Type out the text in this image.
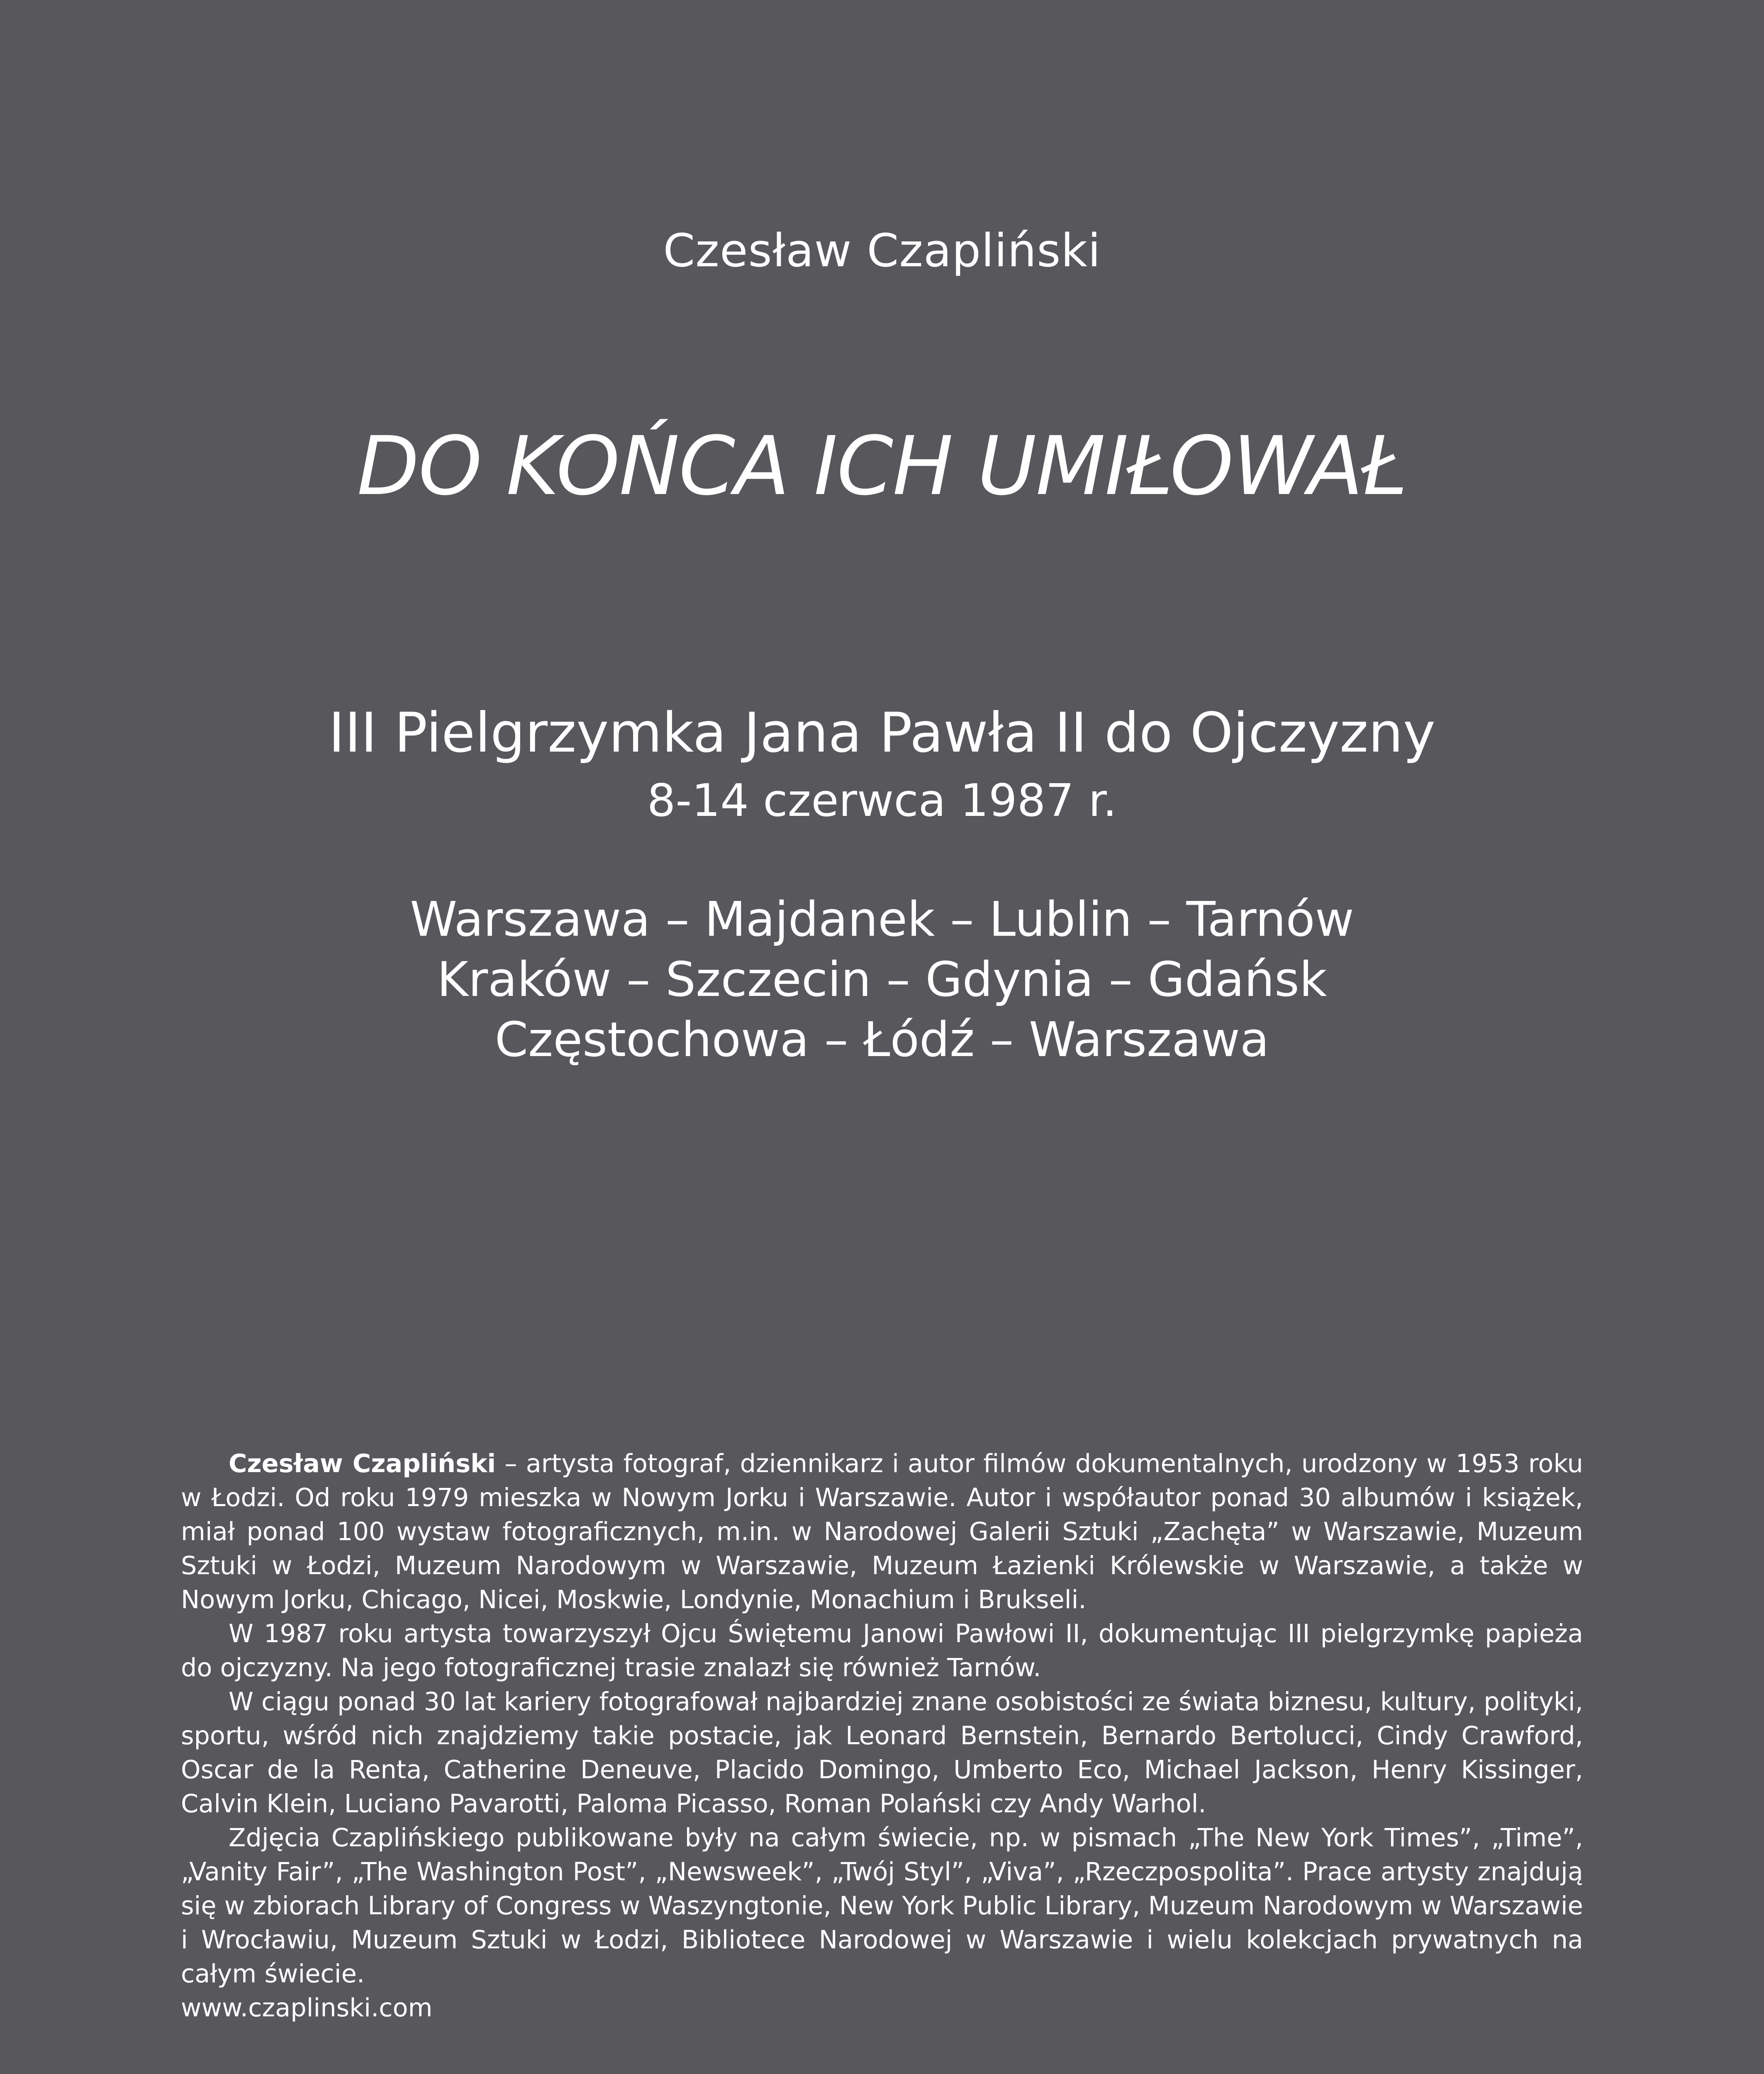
Czesław Czapliński
DO KOŃCA ICH UMIŁOWAŁ
III Pielgrzymka Jana Pawła II do Ojczyzny
8-14 czerwca 1987 r.
Warszawa – Majdanek – Lublin – Tarnów
Kraków – Szczecin – Gdynia – Gdańsk
Częstochowa – Łódź – Warszawa

Czesław Czapliński – artysta fotograf, dziennikarz i autor filmów dokumentalnych, urodzony w 1953 roku w Łodzi. Od roku 1979 mieszka w Nowym Jorku i Warszawie. Autor i współautor ponad 30 albumów i książek, miał ponad 100 wystaw fotograficznych, m.in. w Narodowej Galerii Sztuki „Zachęta” w Warszawie, Muzeum Sztuki w Łodzi, Muzeum Narodowym w Warszawie, Muzeum Łazienki Królewskie w Warszawie, a także w Nowym Jorku, Chicago, Nicei, Moskwie, Londynie, Monachium i Brukseli.

W 1987 roku artysta towarzyszył Ojcu Świętemu Janowi Pawłowi II, dokumentując III pielgrzymkę papieża do ojczyzny. Na jego fotograficznej trasie znalazł się również Tarnów.

W ciągu ponad 30 lat kariery fotografował najbardziej znane osobistości ze świata biznesu, kultury, polityki, sportu, wśród nich znajdziemy takie postacie, jak Leonard Bernstein, Bernardo Bertolucci, Cindy Crawford, Oscar de la Renta, Catherine Deneuve, Placido Domingo, Umberto Eco, Michael Jackson, Henry Kissinger, Calvin Klein, Luciano Pavarotti, Paloma Picasso, Roman Polański czy Andy Warhol.

Zdjęcia Czaplińskiego publikowane były na całym świecie, np. w pismach „The New York Times”, „Time”, „Vanity Fair”, „The Washington Post”, „Newsweek”, „Twój Styl”, „Viva”, „Rzeczpospolita”. Prace artysty znajdują się w zbiorach Library of Congress w Waszyngtonie, New York Public Library, Muzeum Narodowym w Warszawie i Wrocławiu, Muzeum Sztuki w Łodzi, Bibliotece Narodowej w Warszawie i wielu kolekcjach prywatnych na całym świecie.

www.czaplinski.com
